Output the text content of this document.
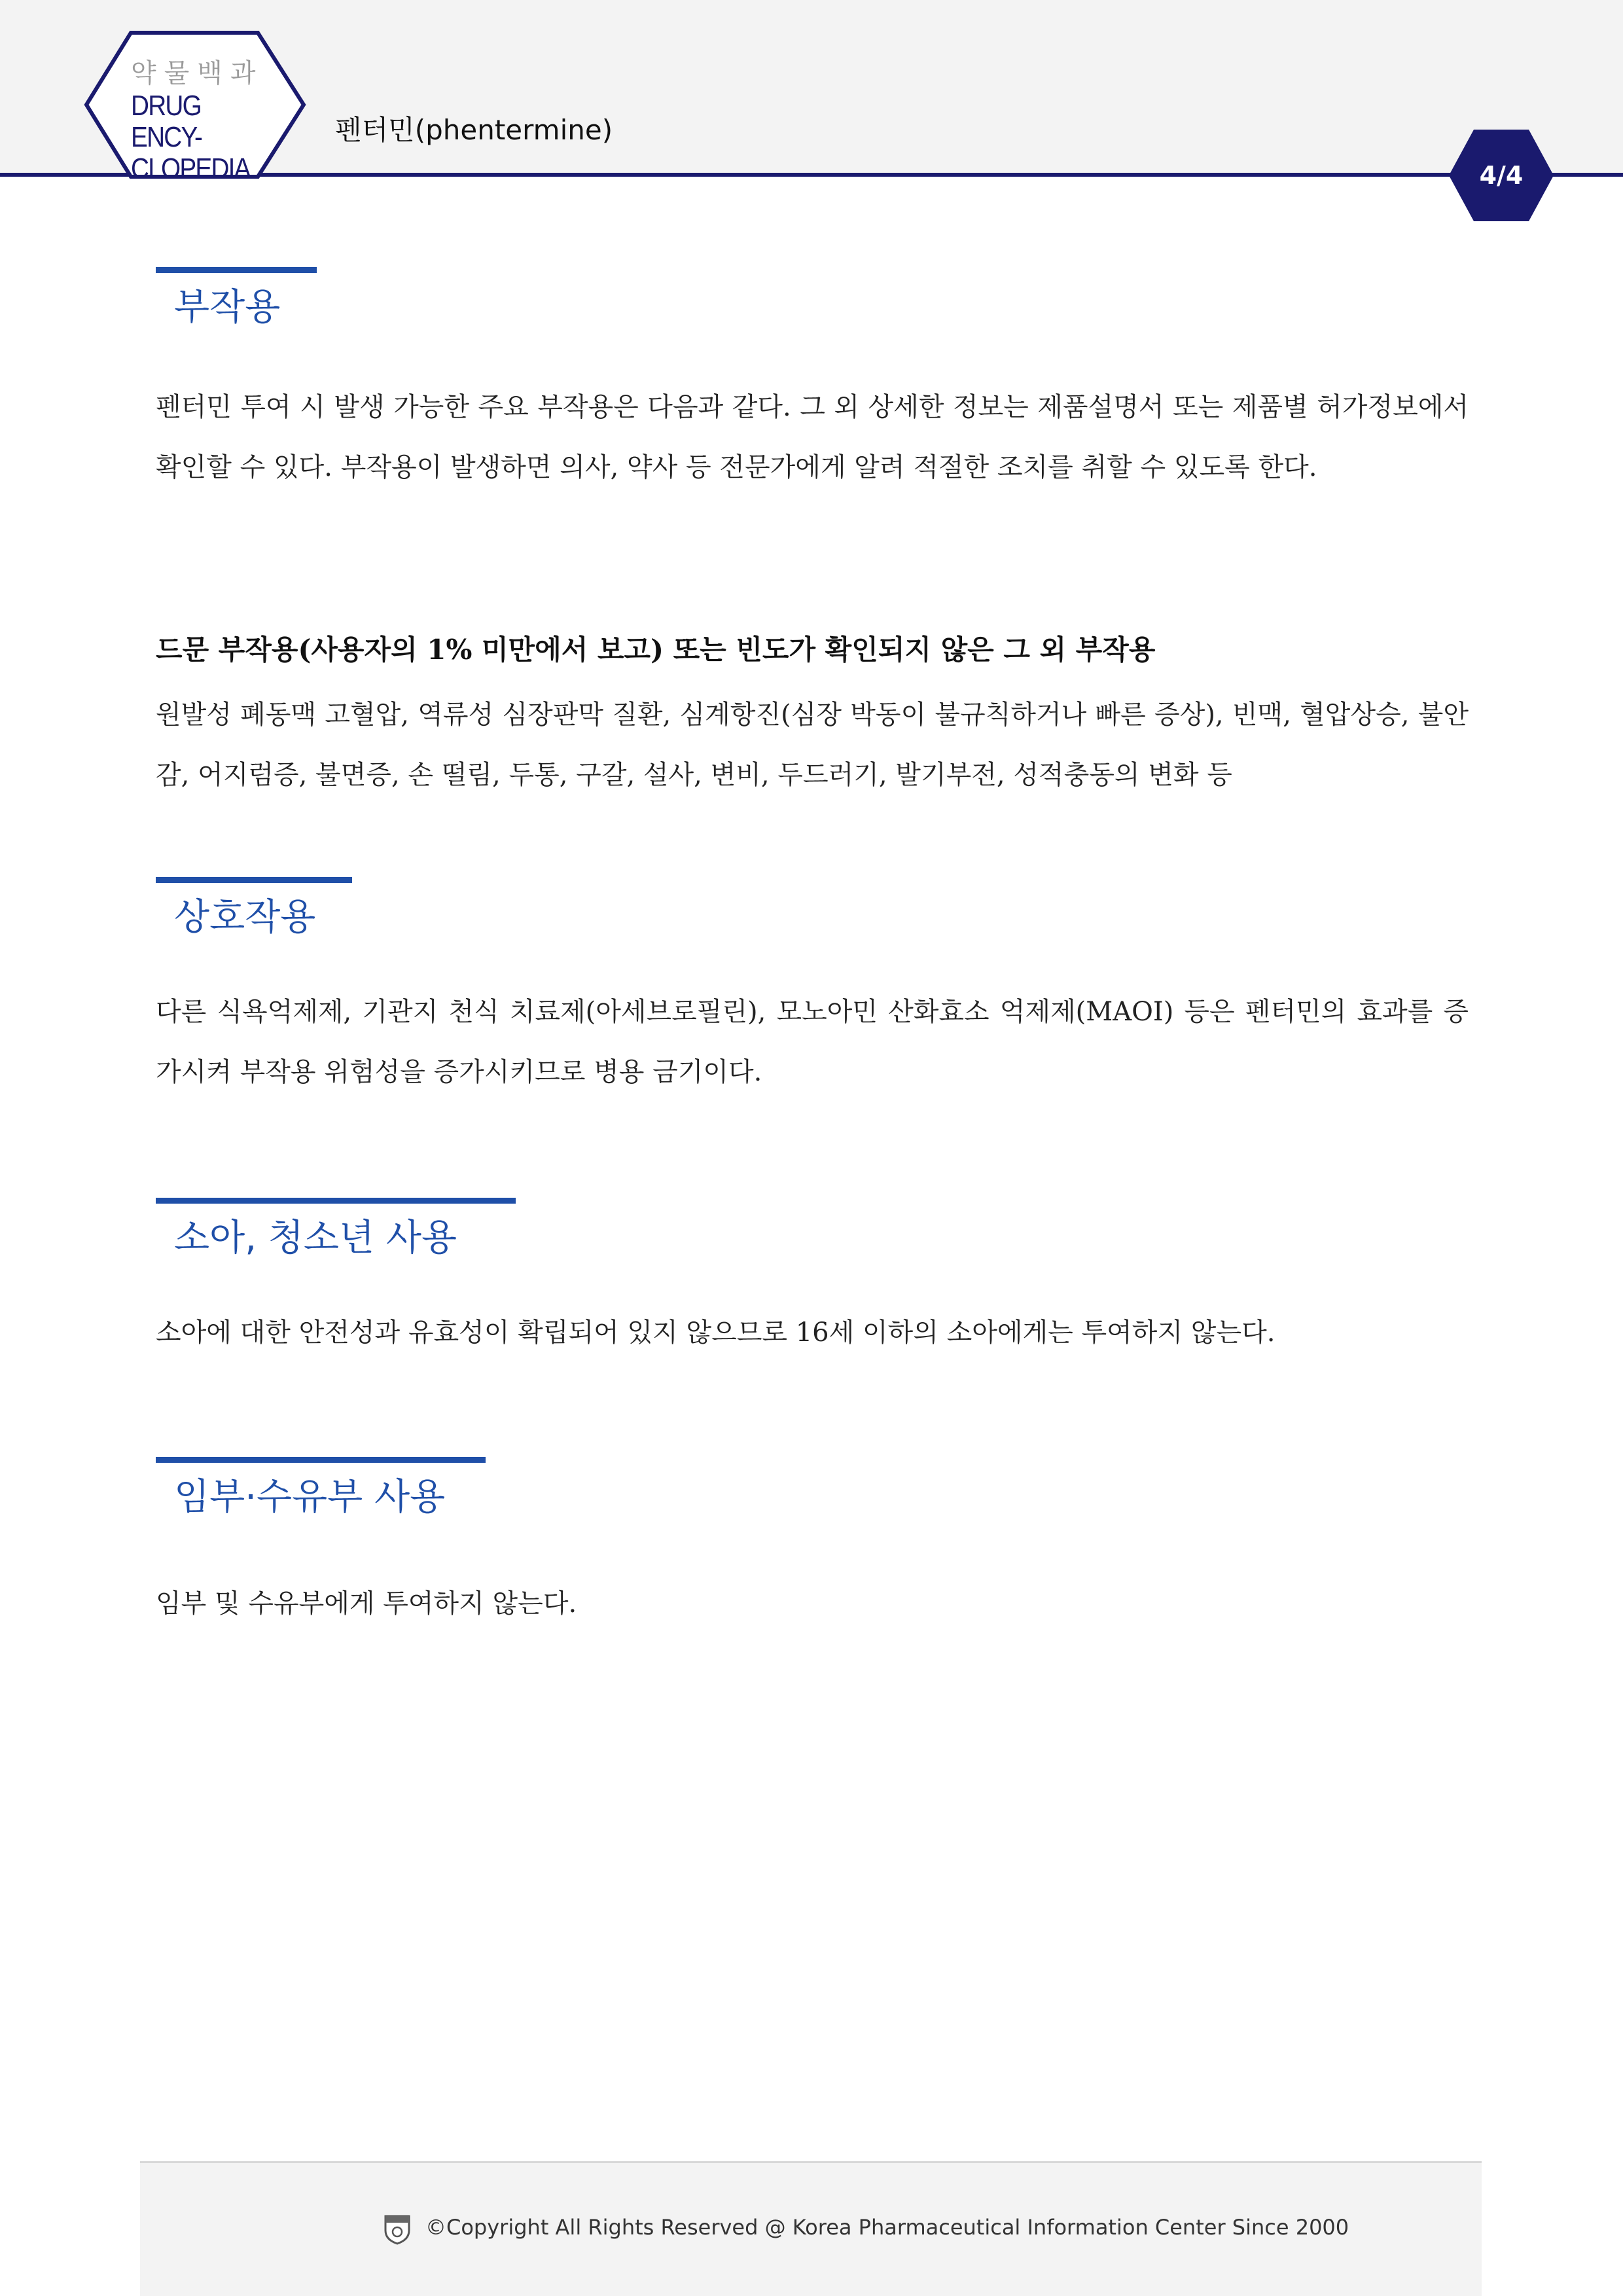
약물백과
DRUG ENCY-
CLOPEDIA
펜터민(phentermine)
4/4
부작용
펜터민 투여 시 발생 가능한 주요 부작용은 다음과 같다. 그 외 상세한 정보는 제품설명서 또는 제품별 허가정보에서 확인할 수 있다. 부작용이 발생하면 의사, 약사 등 전문가에게 알려 적절한 조치를 취할 수 있도록 한다.
드문 부작용(사용자의 1% 미만에서 보고) 또는 빈도가 확인되지 않은 그 외 부작용
원발성 폐동맥 고혈압, 역류성 심장판막 질환, 심계항진(심장 박동이 불규칙하거나 빠른 증상), 빈맥, 혈압상승, 불안감, 어지럼증, 불면증, 손 떨림, 두통, 구갈, 설사, 변비, 두드러기, 발기부전, 성적충동의 변화 등
상호작용
다른 식욕억제제, 기관지 천식 치료제(아세브로필린), 모노아민 산화효소 억제제(MAOI) 등은 펜터민의 효과를 증가시켜 부작용 위험성을 증가시키므로 병용 금기이다.
소아, 청소년 사용
소아에 대한 안전성과 유효성이 확립되어 있지 않으므로 16세 이하의 소아에게는 투여하지 않는다.
임부·수유부 사용
임부 및 수유부에게 투여하지 않는다.
©Copyright All Rights Reserved @ Korea Pharmaceutical Information Center Since 2000
